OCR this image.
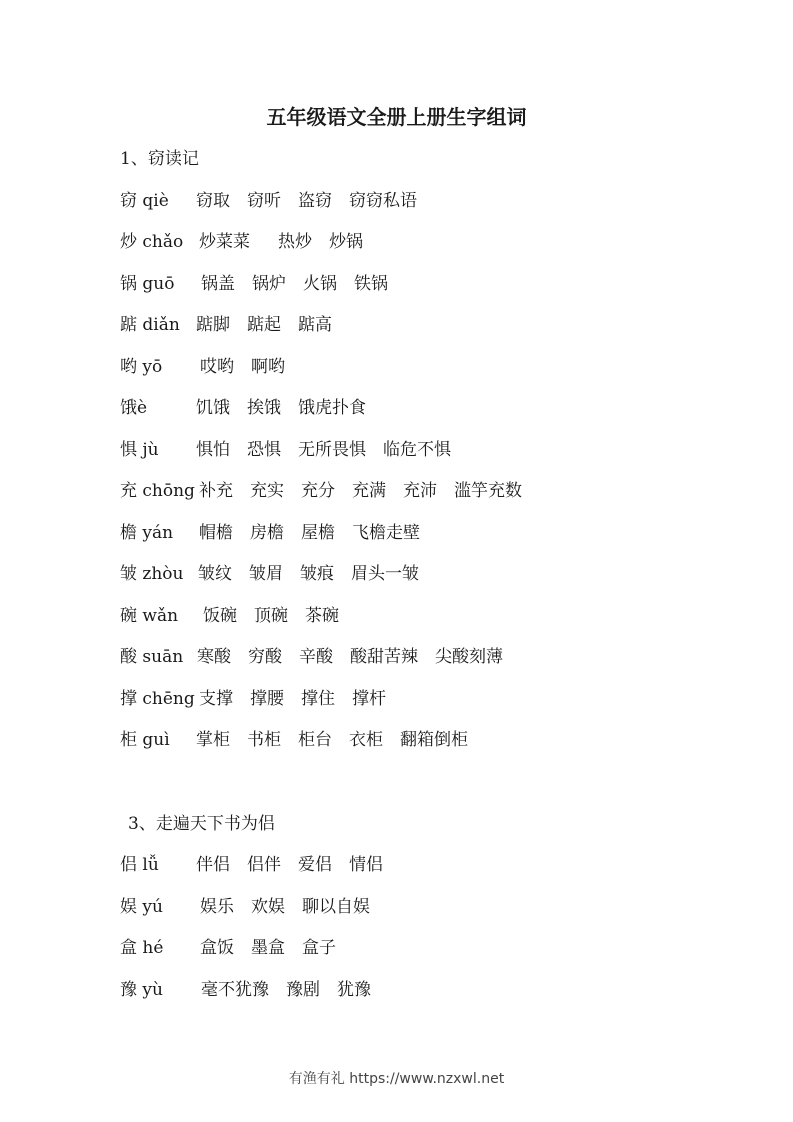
五年级语文全册上册生字组词
1、窃读记
窃 qiè 窃取 窃听 盗窃 窃窃私语
炒 chǎo 炒菜菜 热炒 炒锅
锅 guō 锅盖 锅炉 火锅 铁锅
踮 diǎn 踮脚 踮起 踮高
哟 yō 哎哟 啊哟
饿è	饥饿 挨饿 饿虎扑食
惧 jù 惧怕 恐惧 无所畏惧 临危不惧
充 chōng 补充 充实 充分 充满 充沛 滥竽充数
檐 yán 帽檐 房檐 屋檐 飞檐走壁
皱 zhòu 皱纹 皱眉 皱痕 眉头一皱
碗 wǎn 饭碗 顶碗 茶碗
酸 suān 寒酸 穷酸 辛酸 酸甜苦辣 尖酸刻薄
撑 chēng 支撑 撑腰 撑住 撑杆
柜 guì 掌柜 书柜 柜台 衣柜 翻箱倒柜
3、走遍天下书为侣
侣 lǚ 伴侣 侣伴 爱侣 情侣
娱 yú 娱乐 欢娱 聊以自娱
盒 hé 盒饭 墨盒 盒子
豫 yù 毫不犹豫 豫剧 犹豫
有渔有礼 https://www.nzxwl.net
